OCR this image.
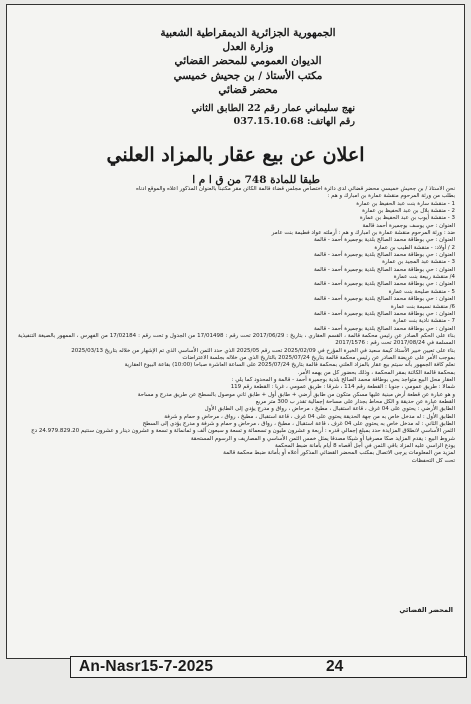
الجمهورية الجزائرية الديمقراطية الشعبية
وزارة العدل
الديوان العمومي للمحضر القضائي
مكتب الأستاذ / بن جحيش خميسي
محضر قضائي
نهج سليماني عمار رقم 22 الطابق الثاني
رقم الهاتف: 037.15.10.68
اعلان عن بيع عقار بالمزاد العلني
طبقا للمادة 748 من ق ا م ا

نحن الأستاذ / بن جحيش خميسي محضر قضائي لدى دائرة اختصاص مجلس قضاء قالمة الكائن مقر مكتبنا بالعنوان المذكور أعلاه والموقع أدناه

بطلب من ورثة المرحوم منقشة عمارة بن امبارك و هم :

1 - منقشة سارة بنت عبد الحفيظ بن عمارة

2 - منقشة بلال بن عبد الحفيظ بن عمارة

3 - منقشة أيوب بن عبد الحفيظ بن عمارة

العنوان : حي يوسف بوجميرة أحمد قالمة

ضد : ورثة المرحوم منقشة عمارة بن امبارك و هم : أرملته عواد فطيمة بنت عامر

العنوان : حي بوطاقة محمد الصالح بلدية بوجميرة أحمد - قالمة

2 / أولاد: - منقشة الطيب بن عمارة

العنوان : حي بوطاقة محمد الصالح بلدية بوجميرة أحمد - قالمة

3 - منقشة عبد المجيد بن عمارة

العنوان : حي بوطاقة محمد الصالح بلدية بوجميرة أحمد - قالمة

4/ منقشة ربيعة بنت عمارة

العنوان : حي بوطاقة محمد الصالح بلدية بوجميرة أحمد - قالمة

5 - منقشة صليحة بنت عمارة

العنوان : حي بوطاقة محمد الصالح بلدية بوجميرة أحمد - قالمة

6/ منقشة نسيمة بنت عمارة

العنوان : حي بوطاقة محمد الصالح بلدية بوجميرة أحمد - قالمة

7 - منقشة نادية بنت عمارة

العنوان : حي بوطاقة محمد الصالح بلدية بوجميرة أحمد - قالمة

بناء على الحكم الصادر عن رئيس محكمة قالمة ، القسم العقاري ، بتاريخ : 2017/06/29 تحت رقم : 17/01498 من الجدول و تحت رقم : 17/02184 من الفهرس ، الممهور بالصيغة التنفيذية المسلمة في 2017/08/24 تحت رقم : 2017/1576

بناء على تعيين خبير الأستاذ كيمة سعيد في الخبرة المؤرخ في 2025/02/09 تحت رقم 2025/05 الذي حدد الثمن الأساسي الذي تم الإشهار من خلاله بتاريخ 2025/03/13

بموجب الأمر على عريضة الصادر عن رئيس محكمة قالمة بتاريخ 2025/07/24 بالتاريخ الذي من خلاله بجلسة الاعتراضات

نعلم كافة الجمهور بأنه سيتم بيع عقار بالمزاد العلني بمحكمة قالمة بتاريخ 2025/07/24 على الساعة العاشرة صباحا (10:00) بقاعة البيوع العقارية

بمحكمة قالمة الكائنة بمقر المحكمة ، وذلك بحضور كل من يهمه الأمر.

العقار محل البيع متواجد بحي بوطاقة محمد الصالح بلدية بوجميرة أحمد - قالمة و المحدود كما يلي :

شمالا : طريق عمومي ، جنوبا : القطعة رقم 114 ، شرقا : طريق عمومي ، غربا : القطعة رقم 119

و هو عبارة عن قطعة أرض مبنية عليها مسكن متكون من طابق أرضي + طابق أول + طابق ثاني موصول بالسطح عن طريق مدرج و مساحة

القطعة عبارة عن حديقة و الكل محاط بجدار على مساحة إجمالية تقدر ب 300 متر مربع

الطابق الأرضي : يحتوي على 04 غرف ، قاعة استقبال ، مطبخ ، مرحاض ، رواق و مدرج يؤدي إلى الطابق الأول

الطابق الأول : له مدخل خاص به من جهة الحديقة يحتوي على 04 غرف ، قاعة استقبال ، مطبخ ، رواق ، مرحاض و حمام و شرفة

الطابق الثاني : له مدخل خاص به يحتوي على 04 غرف ، قاعة استقبال ، مطبخ ، رواق ، مرحاض و حمام و شرفة و مدرج يؤدي إلى السطح

الثمن الأساسي لانطلاق المزايدة حدد بمبلغ إجمالي قدره : أربعة و عشرون مليون و تسعمائة و تسعة و سبعون ألف و ثمانمائة و تسعة و عشرون دينار و عشرون سنتيم 24.979.829.20 دج

شروط البيع : يقدم المزايد صكا مصرفيا أو شيكا مصدقا يمثل خمس الثمن الأساسي و المصاريف و الرسوم المستحقة

يودع الراسي عليه المزاد باقي الثمن في أجل أقصاه 8 أيام بأمانة ضبط المحكمة

لمزيد من المعلومات يرجى الاتصال بمكتب المحضر القضائي المذكور أعلاه أو بأمانة ضبط محكمة قالمة

تحت كل التحفظات

المحضر القضائي
An-Nasr15-7-2025	24
